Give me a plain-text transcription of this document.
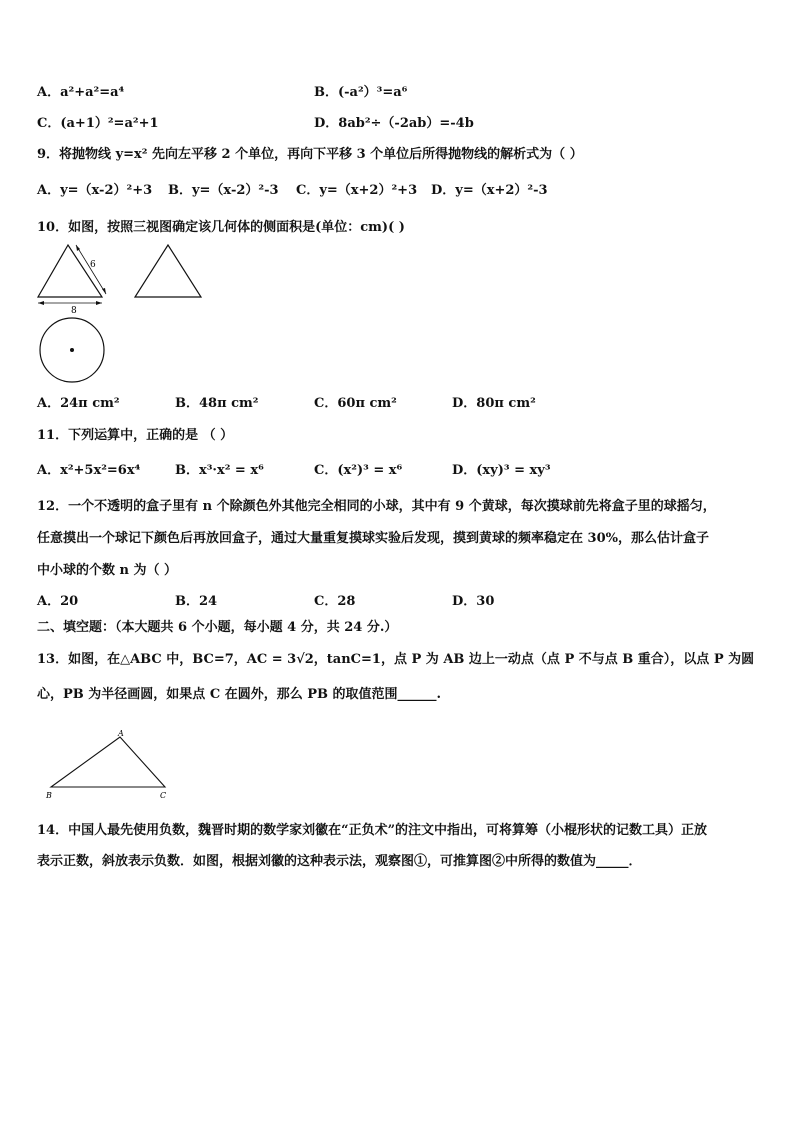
A．a²+a²=a⁴	B．(-a²）³=a⁶
C．(a+1）²=a²+1	D．8ab²÷（-2ab）=-4b
9．将抛物线 y=x² 先向左平移 2 个单位，再向下平移 3 个单位后所得抛物线的解析式为（ ）
A．y=（x-2）²+3 B．y=（x-2）²-3 C．y=（x+2）²+3 D．y=（x+2）²-3
10．如图，按照三视图确定该几何体的侧面积是(单位：cm)( )
6
8
A．24π cm²	B．48π cm²	C．60π cm²	D．80π cm²
11．下列运算中，正确的是 （ ）
A．x²+5x²=6x⁴	B．x³·x² = x⁶	C．(x²)³ = x⁶	D．(xy)³ = xy³
12．一个不透明的盒子里有 n 个除颜色外其他完全相同的小球，其中有 9 个黄球，每次摸球前先将盒子里的球摇匀，
任意摸出一个球记下颜色后再放回盒子，通过大量重复摸球实验后发现，摸到黄球的频率稳定在 30%，那么估计盒子
中小球的个数 n 为（ ）
A．20	B．24	C．28	D．30
二、填空题：（本大题共 6 个小题，每小题 4 分，共 24 分.）
13．如图，在△ABC 中，BC=7，AC = 3√2，tanC=1，点 P 为 AB 边上一动点（点 P 不与点 B 重合），以点 P 为圆
心，PB 为半径画圆，如果点 C 在圆外，那么 PB 的取值范围______.
A
B	C
14．中国人最先使用负数，魏晋时期的数学家刘徽在“正负术”的注文中指出，可将算筹（小棍形状的记数工具）正放
表示正数，斜放表示负数．如图，根据刘徽的这种表示法，观察图①，可推算图②中所得的数值为_____．
